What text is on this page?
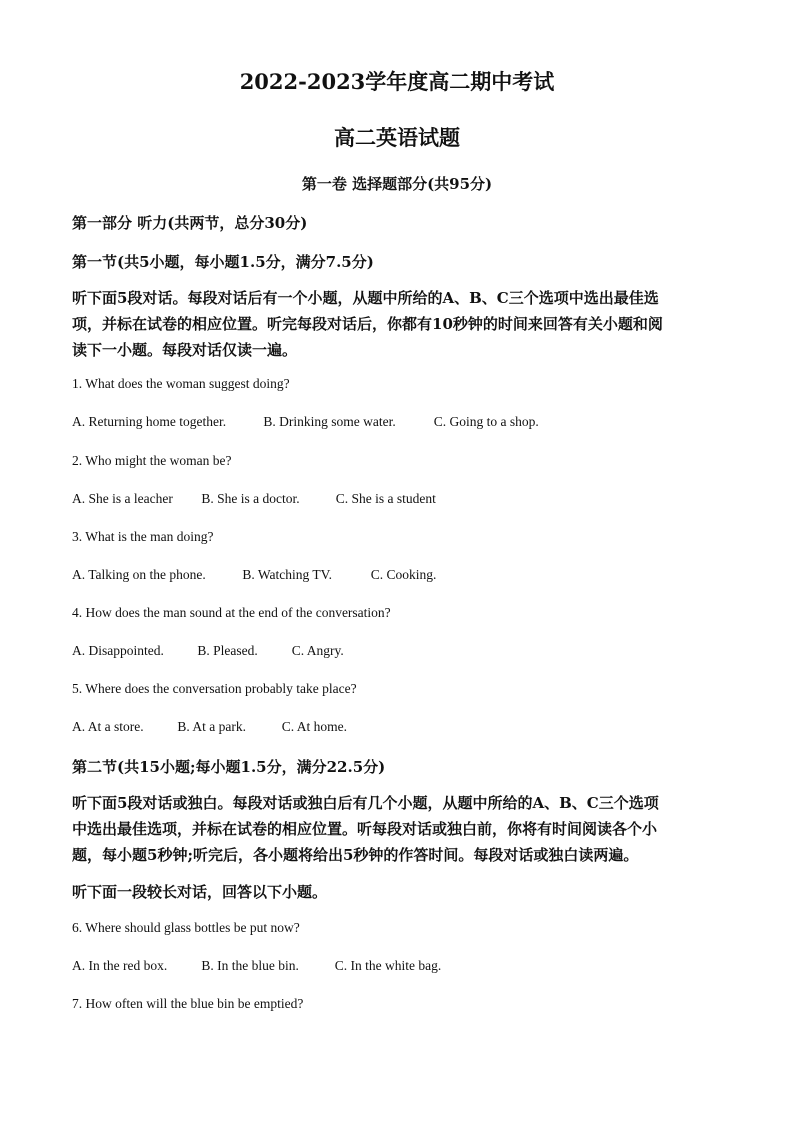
2022-2023学年度高二期中考试
高二英语试题

第一卷 选择题部分(共95分)

第一部分 听力(共两节，总分30分)

第一节(共5小题，每小题1.5分，满分7.5分)

听下面5段对话。每段对话后有一个小题，从题中所给的A、B、C三个选项中选出最佳选
项，并标在试卷的相应位置。听完每段对话后，你都有10秒钟的时间来回答有关小题和阅
读下一小题。每段对话仅读一遍。

1. What does the woman suggest doing?

A. Returning home together.	B. Drinking some water.	C. Going to a shop.

2. Who might the woman be?

A. She is a leacher B. She is a doctor.	C. She is a student

3. What is the man doing?

A. Talking on the phone.	B. Watching TV.	C. Cooking.

4. How does the man sound at the end of the conversation?

A. Disappointed. B. Pleased.	C. Angry.

5. Where does the conversation probably take place?

A. At a store.	B. At a park.	C. At home.

第二节(共15小题;每小题1.5分，满分22.5分)

听下面5段对话或独白。每段对话或独白后有几个小题，从题中所给的A、B、C三个选项
中选出最佳选项，并标在试卷的相应位置。听每段对话或独白前，你将有时间阅读各个小
题，每小题5秒钟;听完后，各小题将给出5秒钟的作答时间。每段对话或独白读两遍。

听下面一段较长对话，回答以下小题。

6. Where should glass bottles be put now?

A. In the red box.	B. In the blue bin.	C. In the white bag.

7. How often will the blue bin be emptied?
